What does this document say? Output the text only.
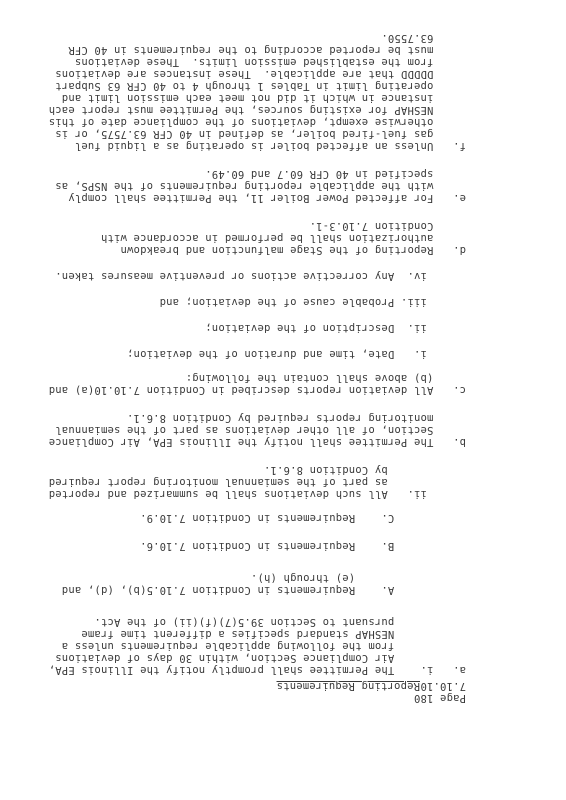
Page 180
7.10.10
Reporting Requirements
a.   i.    The Permittee shall promptly notify the Illinois EPA,
Air Compliance Section, within 30 days of deviations
from the following applicable requirements unless a
NESHAP standard specifies a different time frame
pursuant to Section 39.5(7)(f)(ii) of the Act.
A.    Requirements in Condition 7.10.5(b), (d), and
(e) through (h).
B.    Requirements in Condition 7.10.6.
C.    Requirements in Condition 7.10.9.
ii.   All such deviations shall be summarized and reported
as part of the semiannual monitoring report required
by Condition 8.6.1.
b.   The Permittee shall notify the Illinois EPA, Air Compliance
Section, of all other deviations as part of the semiannual
monitoring reports required by Condition 8.6.1.
c.   All deviation reports described in Condition 7.10.10(a) and
(b) above shall contain the following:
i.   Date, time and duration of the deviation;
ii.  Description of the deviation;
iii. Probable cause of the deviation; and
iv.  Any corrective actions or preventive measures taken.
d.   Reporting of the Stage malfunction and breakdown
authorization shall be performed in accordance with
Condition 7.10.3-1.
e.   For affected Power Boiler 11, the Permittee shall comply
with the applicable reporting requirements of the NSPS, as
specified in 40 CFR 60.7 and 60.49.
f.   Unless an affected boiler is operating as a liquid fuel
gas fuel-fired boiler, as defined in 40 CFR 63.7575, or is
otherwise exempt, deviations of the compliance date of this
NESHAP for existing sources, the Permittee must report each
instance in which it did not meet each emission limit and
operating limit in Tables 1 through 4 to 40 CFR 63 Subpart
DDDDD that are applicable.  These instances are deviations
from the established emission limits.  These deviations
must be reported according to the requirements in 40 CFR
63.7550.
